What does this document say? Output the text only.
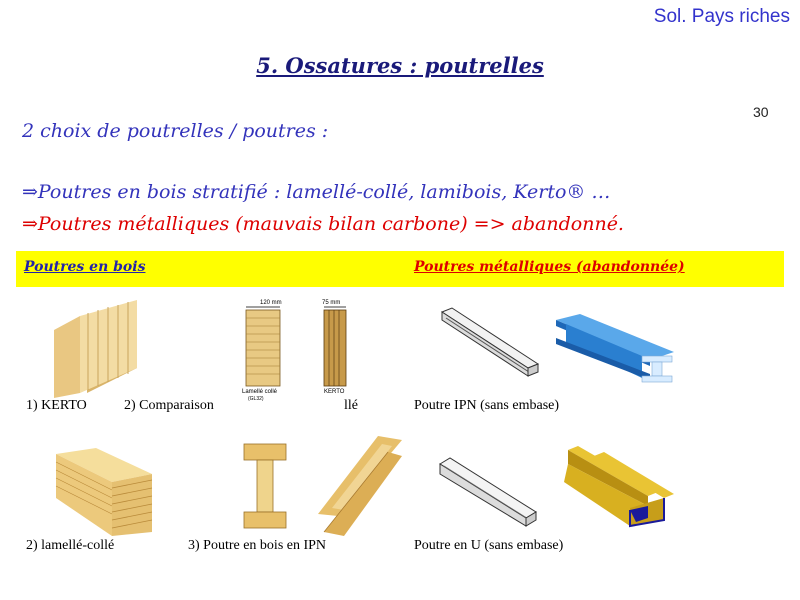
Sol. Pays riches
5. Ossatures : poutrelles
30
2 choix de poutrelles / poutres :
⇒Poutres en bois stratifié : lamellé-collé, lamibois, Kerto® …
⇒Poutres métalliques (mauvais bilan carbone) => abandonné.
Poutres en bois	Poutres métalliques (abandonnée)
120 mm	75 mm
Lamellé collé
(GL32)
KERTO
1) KERTO	2) Comparaison	llé	Poutre IPN (sans embase)
2) lamellé-collé	3) Poutre en bois en IPN	Poutre en U (sans embase)
